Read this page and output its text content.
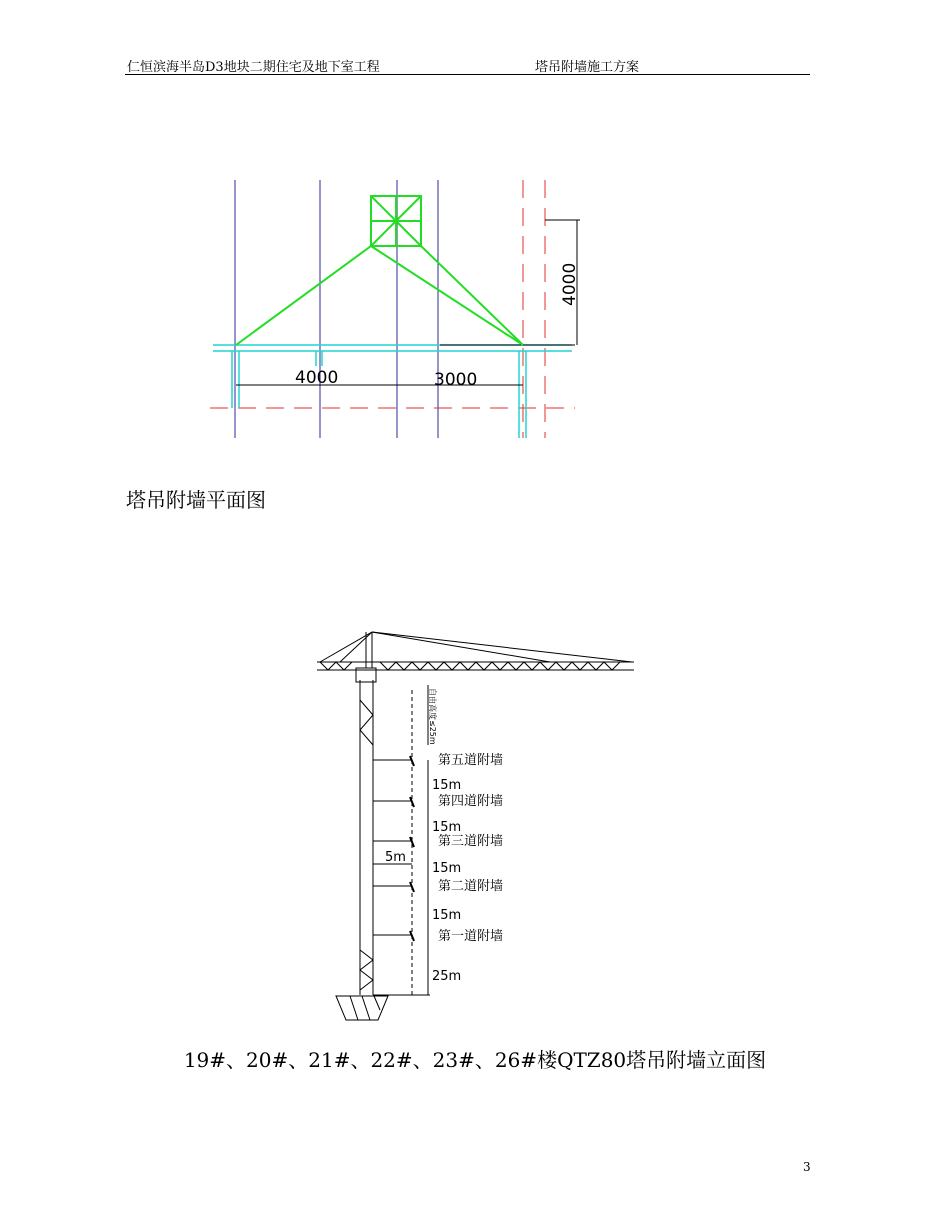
仁恒滨海半岛D3地块二期住宅及地下室工程	塔吊附墙施工方案
4000	3000
4000
塔吊附墙平面图
自由高度≤25m
第五道附墙
15m
第四道附墙
15m
第三道附墙
5m
15m
第二道附墙
15m
第一道附墙
25m
19#、20#、21#、22#、23#、26#楼QTZ80塔吊附墙立面图
3
